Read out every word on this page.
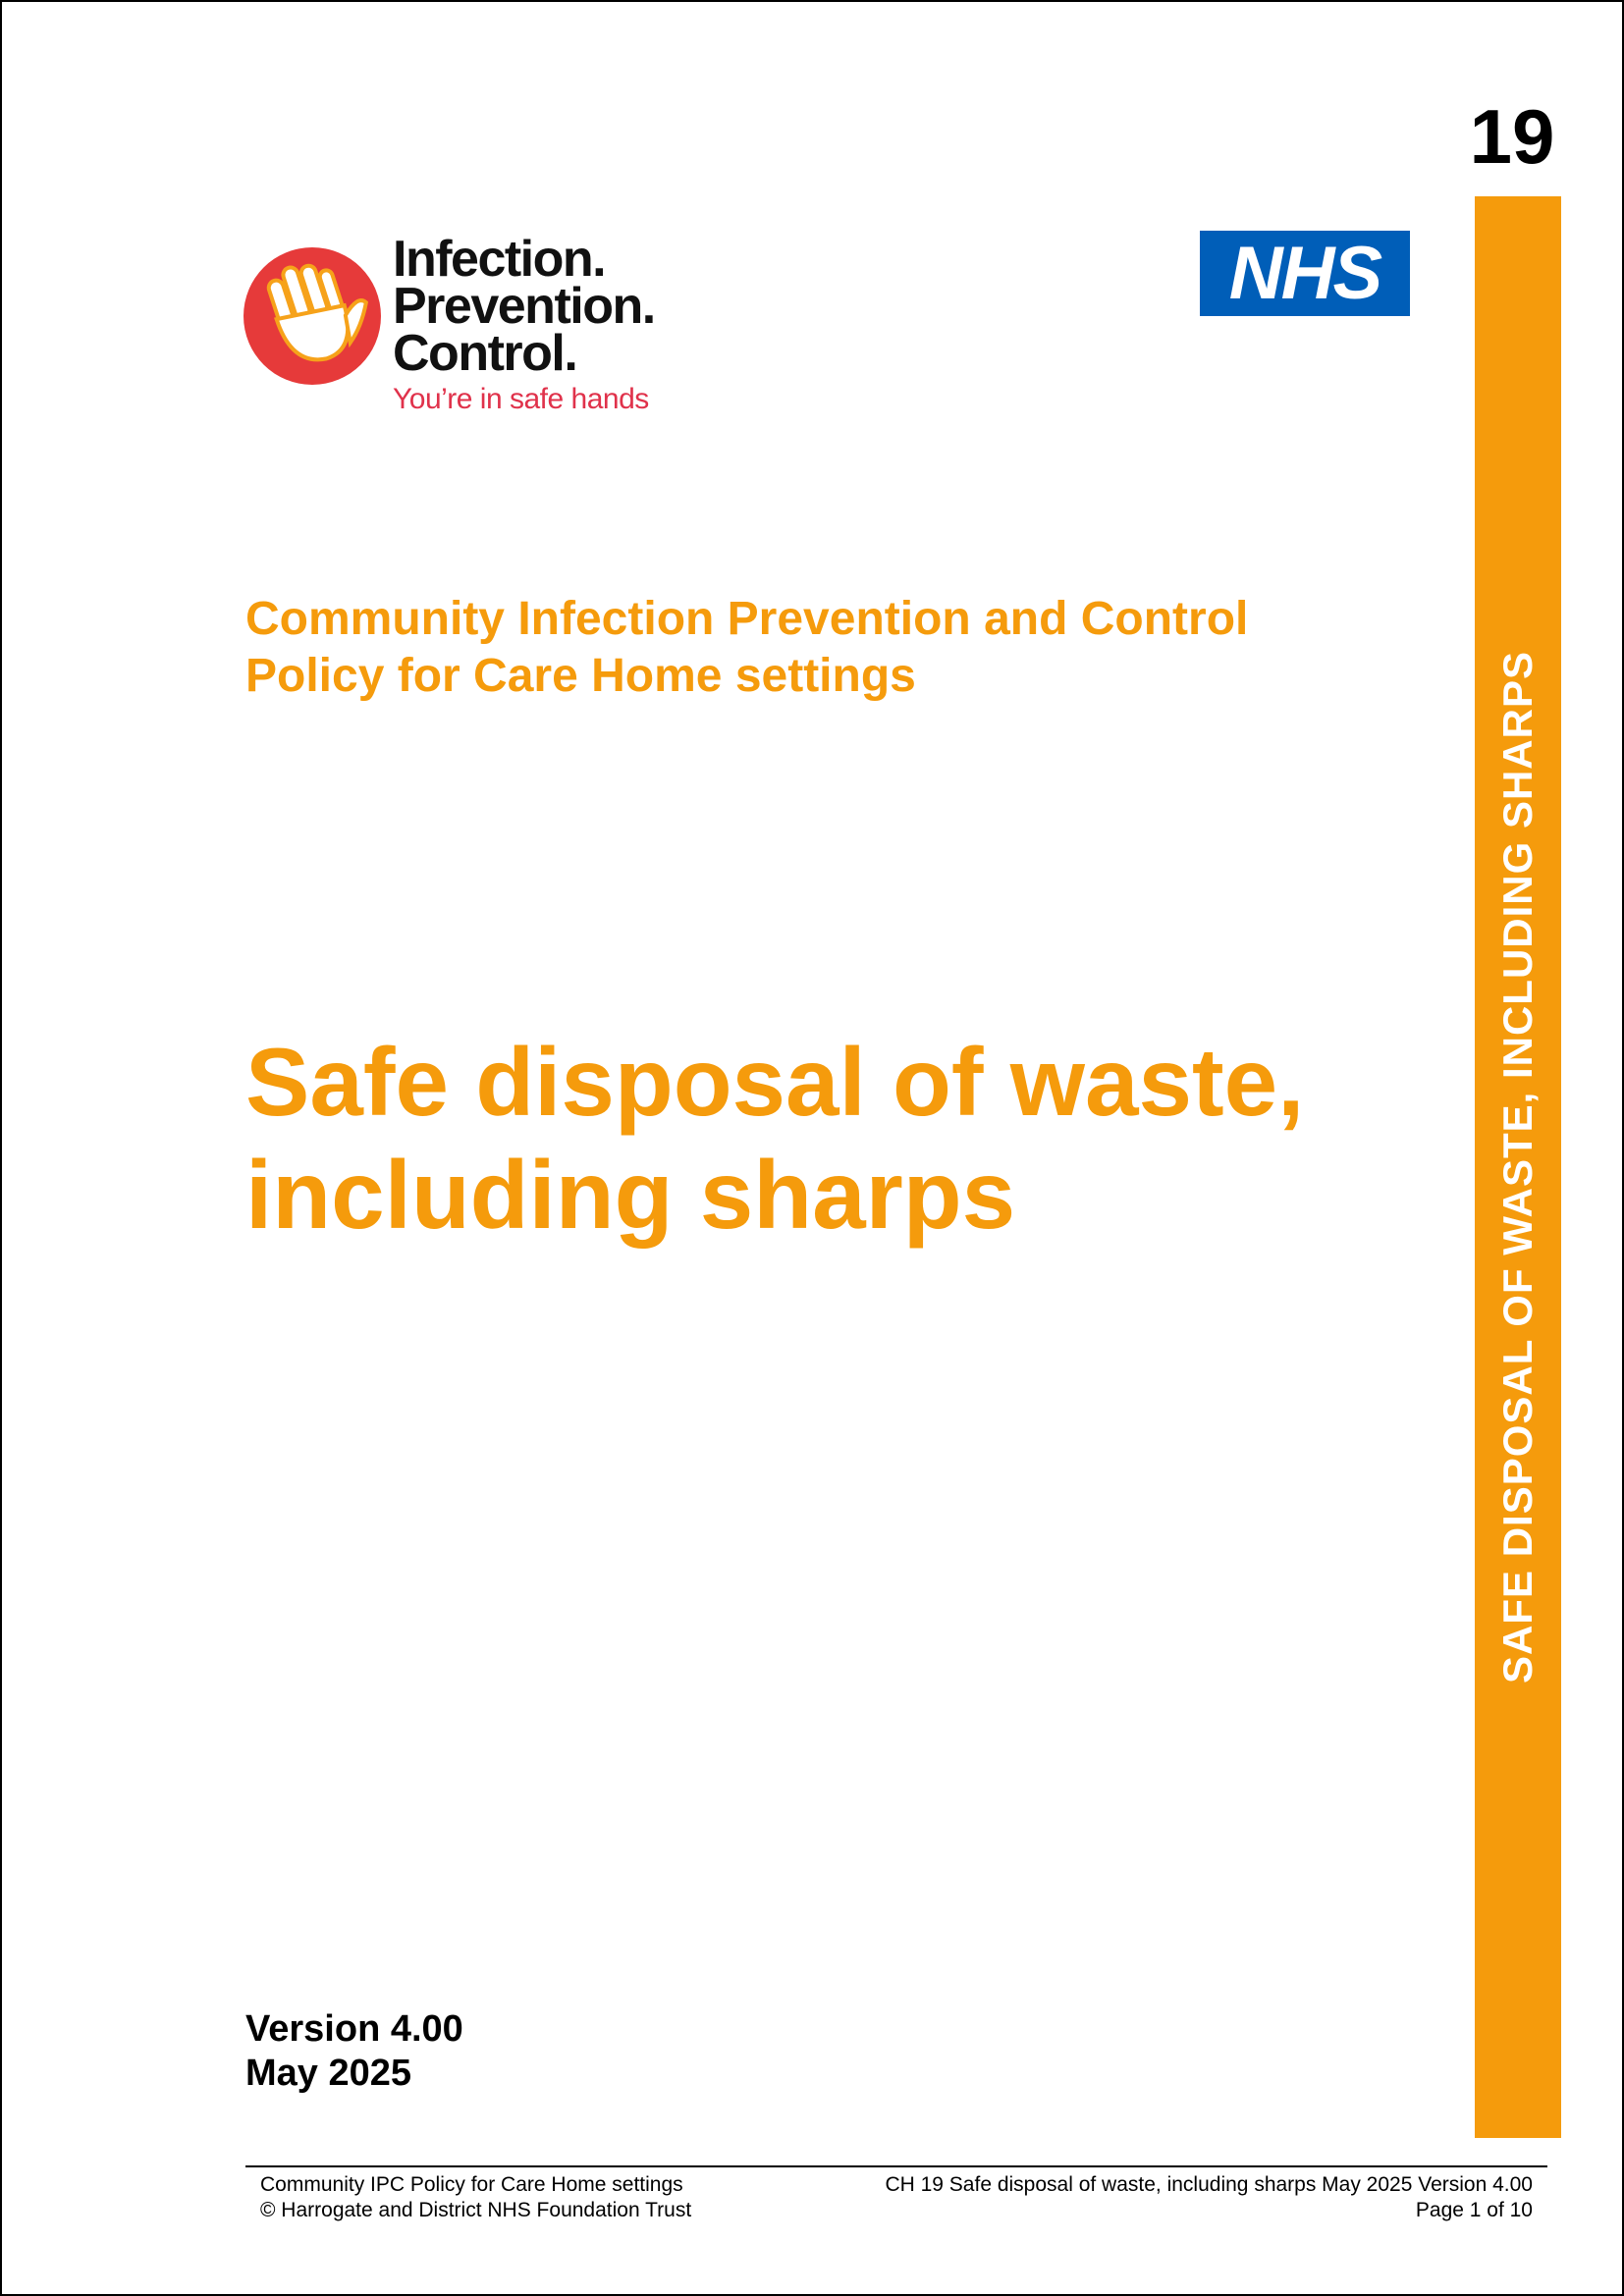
19
SAFE DISPOSAL OF WASTE, INCLUDING SHARPS
Infection.
Prevention.
Control.
You’re in safe hands
NHS
Community Infection Prevention and Control
Policy for Care Home settings
Safe disposal of waste,
including sharps
Version 4.00
May 2025
Community IPC Policy for Care Home settings
© Harrogate and District NHS Foundation Trust
CH 19 Safe disposal of waste, including sharps May 2025 Version 4.00
Page 1 of 10
